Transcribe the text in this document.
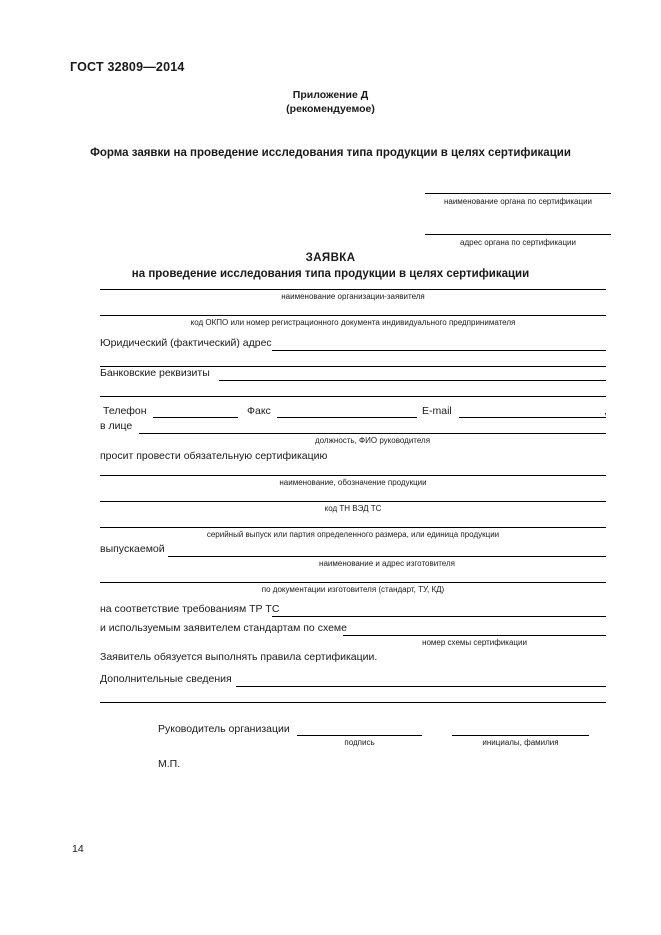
ГОСТ 32809—2014
Приложение Д
(рекомендуемое)
Форма заявки на проведение исследования типа продукции в целях сертификации
наименование органа по сертификации
адрес органа по сертификации
ЗАЯВКА
на проведение исследования типа продукции в целях сертификации
наименование организации-заявителя
код ОКПО или номер регистрационного документа индивидуального предпринимателя
Юридический (фактический) адрес
Банковские реквизиты
Телефон	Факс	E-mail	,
в лице
должность, ФИО руководителя
просит провести обязательную сертификацию
наименование, обозначение продукции
код ТН ВЭД ТС
серийный выпуск или партия определенного размера, или единица продукции
выпускаемой
наименование и адрес изготовителя
по документации изготовителя (стандарт, ТУ, КД)
на соответствие требованиям ТР ТС
и используемым заявителем стандартам по схеме
номер схемы сертификации
Заявитель обязуется выполнять правила сертификации.
Дополнительные сведения
Руководитель организации
подпись	инициалы, фамилия
М.П.
14
